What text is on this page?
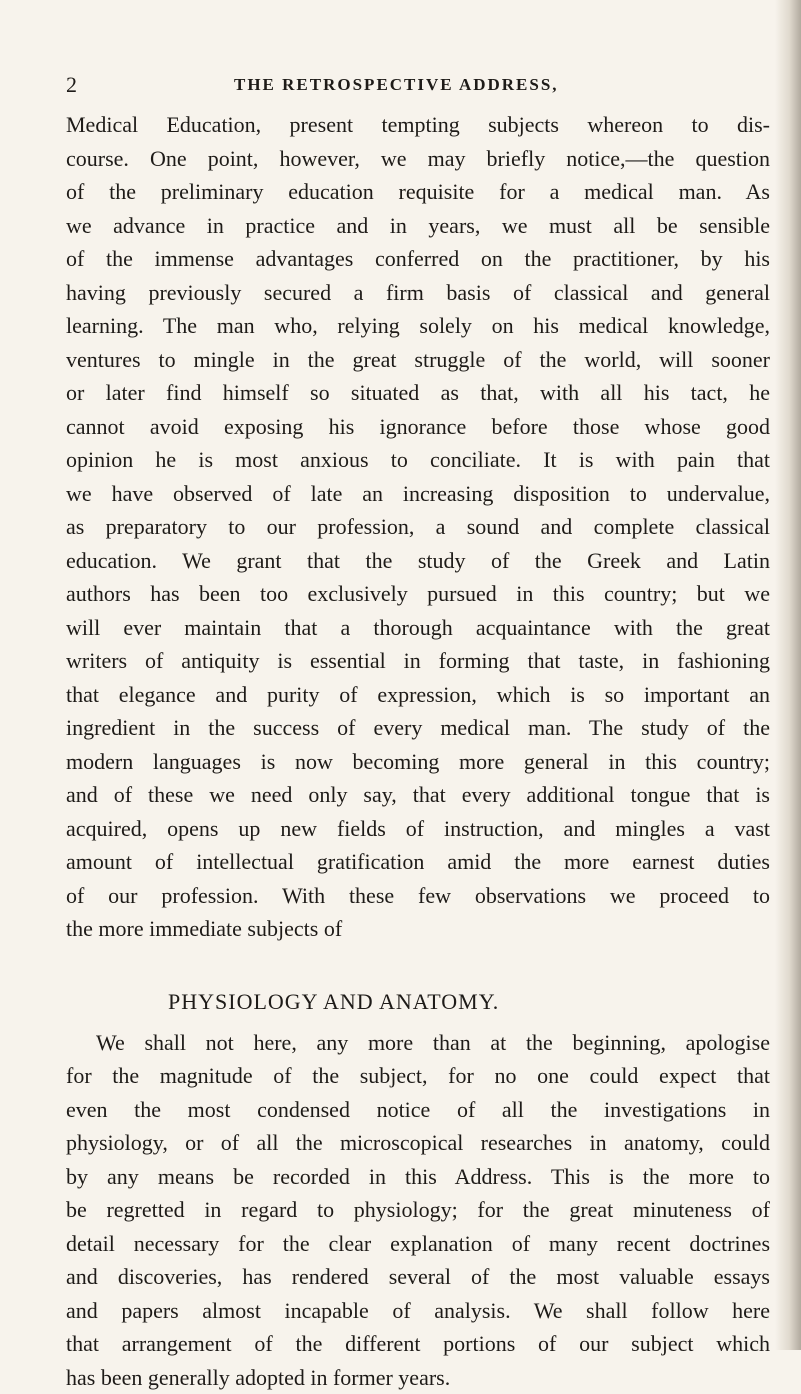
2	THE RETROSPECTIVE ADDRESS,
Medical Education, present tempting subjects whereon to dis-
course. One point, however, we may briefly notice,—the question
of the preliminary education requisite for a medical man. As
we advance in practice and in years, we must all be sensible
of the immense advantages conferred on the practitioner, by his
having previously secured a firm basis of classical and general
learning. The man who, relying solely on his medical knowledge,
ventures to mingle in the great struggle of the world, will sooner
or later find himself so situated as that, with all his tact, he
cannot avoid exposing his ignorance before those whose good
opinion he is most anxious to conciliate. It is with pain that
we have observed of late an increasing disposition to undervalue,
as preparatory to our profession, a sound and complete classical
education. We grant that the study of the Greek and Latin
authors has been too exclusively pursued in this country; but we
will ever maintain that a thorough acquaintance with the great
writers of antiquity is essential in forming that taste, in fashioning
that elegance and purity of expression, which is so important an
ingredient in the success of every medical man. The study of the
modern languages is now becoming more general in this country;
and of these we need only say, that every additional tongue that is
acquired, opens up new fields of instruction, and mingles a vast
amount of intellectual gratification amid the more earnest duties
of our profession. With these few observations we proceed to
the more immediate subjects of
PHYSIOLOGY AND ANATOMY.
We shall not here, any more than at the beginning, apologise
for the magnitude of the subject, for no one could expect that
even the most condensed notice of all the investigations in
physiology, or of all the microscopical researches in anatomy, could
by any means be recorded in this Address. This is the more to
be regretted in regard to physiology; for the great minuteness of
detail necessary for the clear explanation of many recent doctrines
and discoveries, has rendered several of the most valuable essays
and papers almost incapable of analysis. We shall follow here
that arrangement of the different portions of our subject which
has been generally adopted in former years.
